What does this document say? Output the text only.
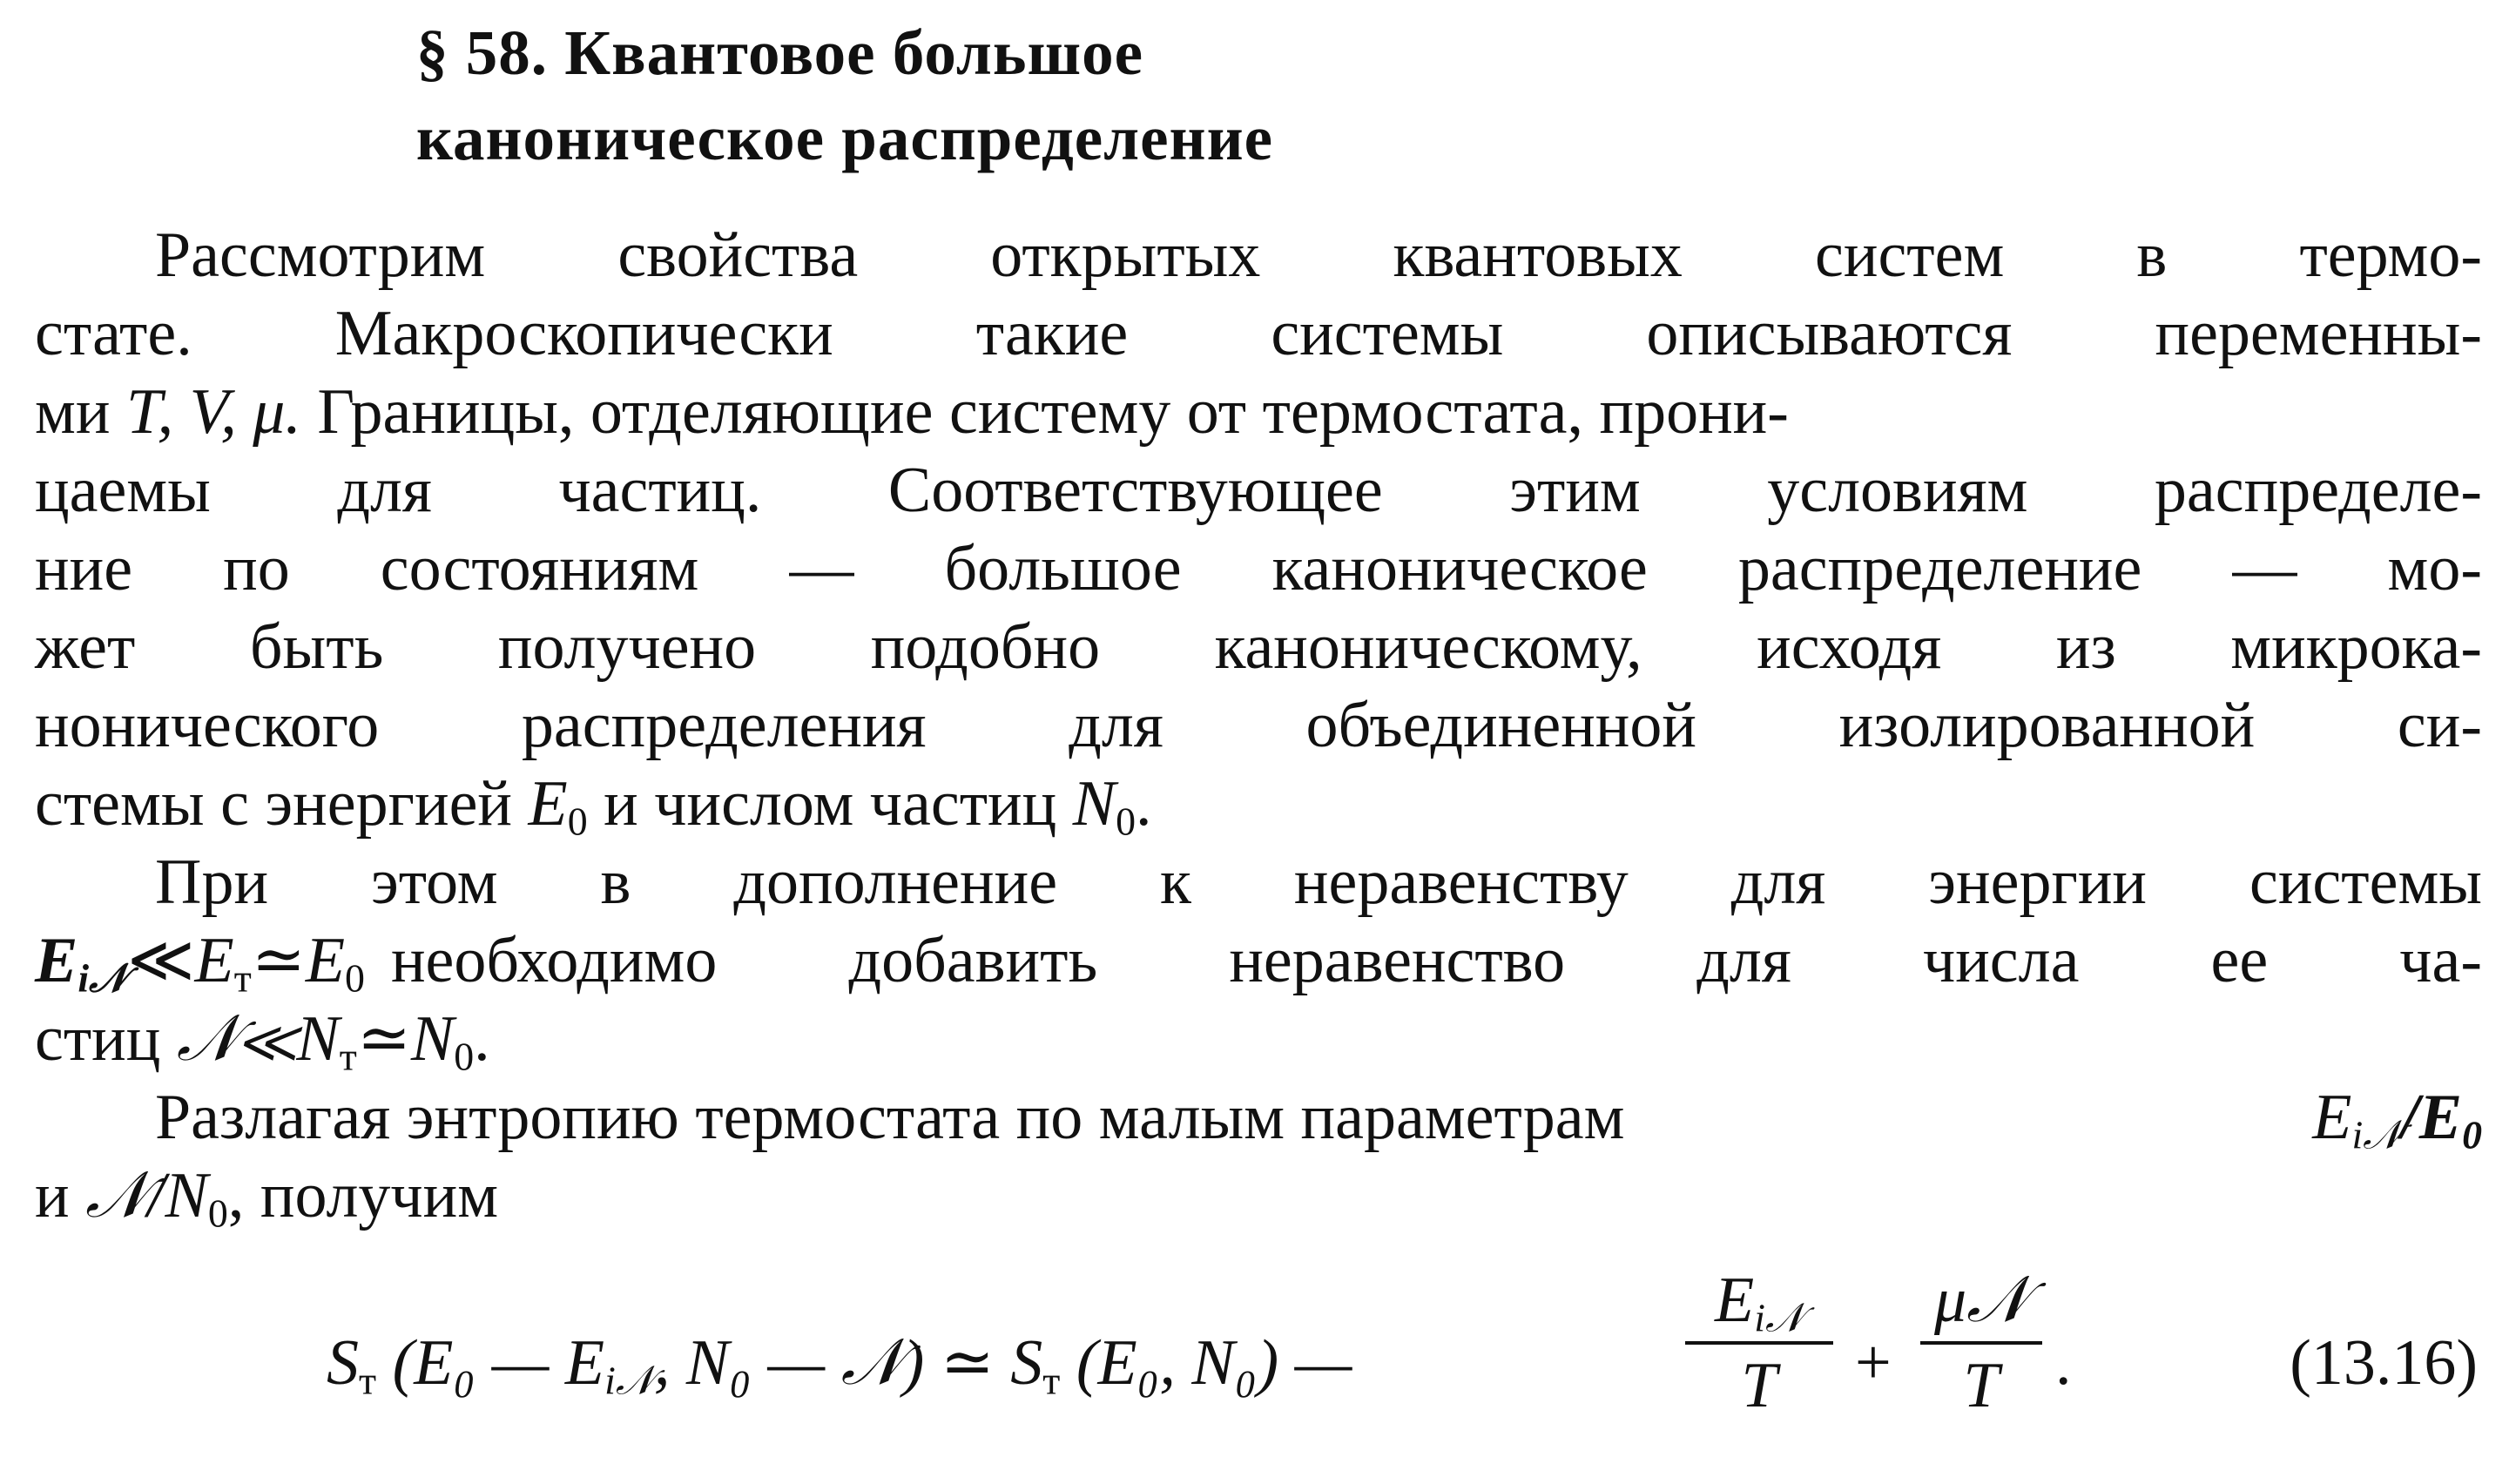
§ 58. Квантовое большое
каноническое распределение
Рассмотрим свойства открытых квантовых систем в термо-
стате. Макроскопически такие системы описываются переменны-
ми T, V, μ. Границы, отделяющие систему от термостата, прони-
цаемы для частиц. Соответствующее этим условиям распределе-
ние по состояниям — большое каноническое распределение — мо-
жет быть получено подобно каноническому, исходя из микрока-
нонического распределения для объединенной изолированной си-
стемы с энергией $E_0$ и числом частиц $N_0$.
При этом в дополнение к неравенству для энергии системы
$E_{i𝒩}≪E_т≃E_0$ необходимо добавить неравенство для числа ее ча-
стиц $𝒩≪N_т≃N_0$.
Разлагая энтропию термостата по малым параметрам	$E_{i𝒩}/E_0$
и $𝒩/N_0$, получим
$S_т$ (E₀ — $E_{i𝒩}$, N₀ — 𝒩) ≃ $S_т$ (E₀, N₀) —
$E_{i𝒩}$
T	+
μ𝒩
T .	(13.16)
